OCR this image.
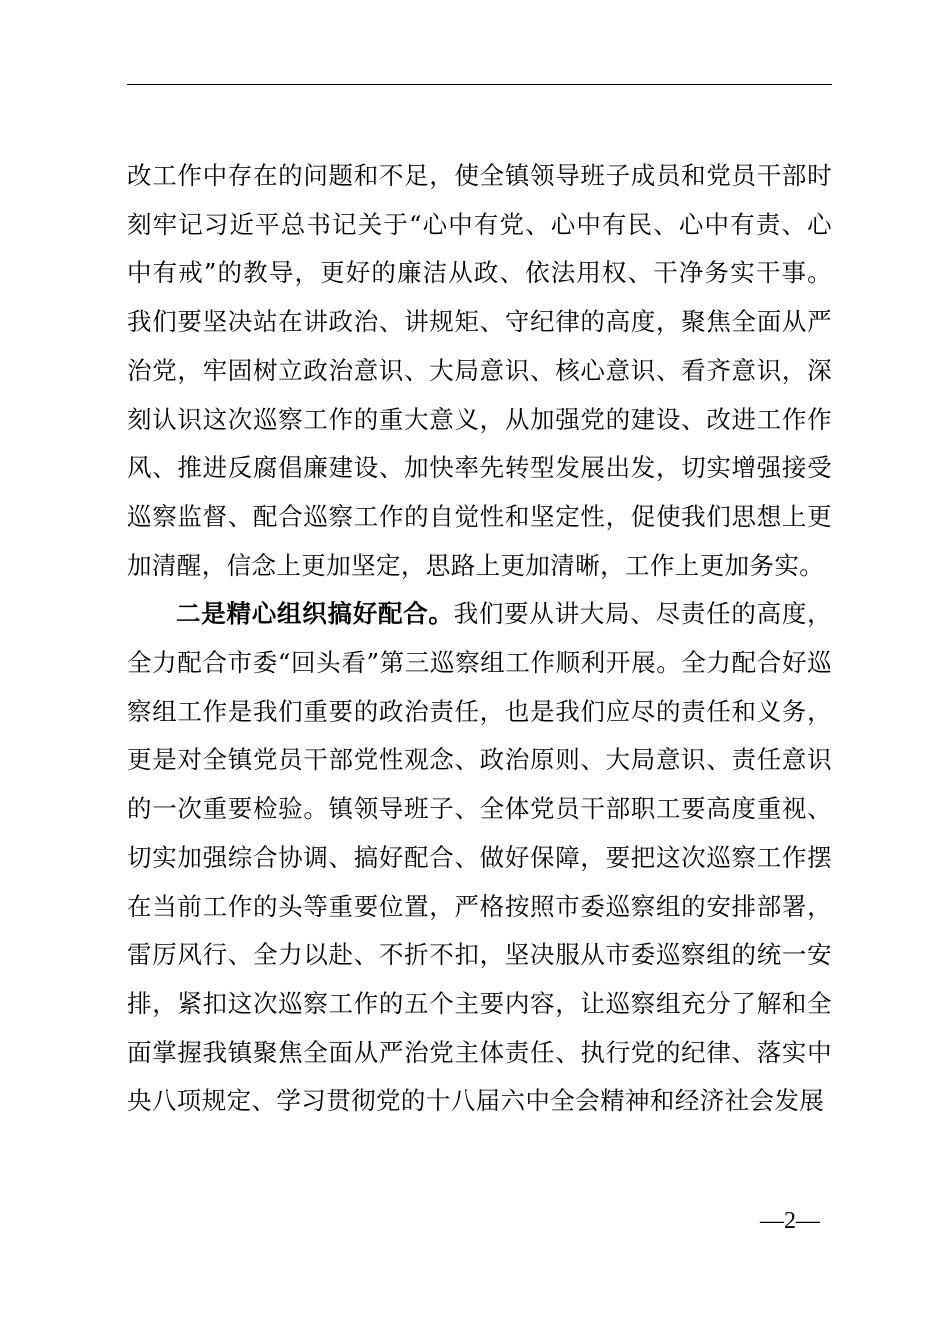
改工作中存在的问题和不足，使全镇领导班子成员和党员干部时刻牢记习近平总书记关于“心中有党、心中有民、心中有责、心中有戒”的教导，更好的廉洁从政、依法用权、干净务实干事。我们要坚决站在讲政治、讲规矩、守纪律的高度，聚焦全面从严治党，牢固树立政治意识、大局意识、核心意识、看齐意识，深刻认识这次巡察工作的重大意义，从加强党的建设、改进工作作风、推进反腐倡廉建设、加快率先转型发展出发，切实增强接受巡察监督、配合巡察工作的自觉性和坚定性，促使我们思想上更加清醒，信念上更加坚定，思路上更加清晰，工作上更加务实。

二是精心组织搞好配合。我们要从讲大局、尽责任的高度，全力配合市委“回头看”第三巡察组工作顺利开展。全力配合好巡察组工作是我们重要的政治责任，也是我们应尽的责任和义务，更是对全镇党员干部党性观念、政治原则、大局意识、责任意识的一次重要检验。镇领导班子、全体党员干部职工要高度重视、切实加强综合协调、搞好配合、做好保障，要把这次巡察工作摆在当前工作的头等重要位置，严格按照市委巡察组的安排部署，雷厉风行、全力以赴、不折不扣，坚决服从市委巡察组的统一安排，紧扣这次巡察工作的五个主要内容，让巡察组充分了解和全面掌握我镇聚焦全面从严治党主体责任、执行党的纪律、落实中央八项规定、学习贯彻党的十八届六中全会精神和经济社会发展

—2—
